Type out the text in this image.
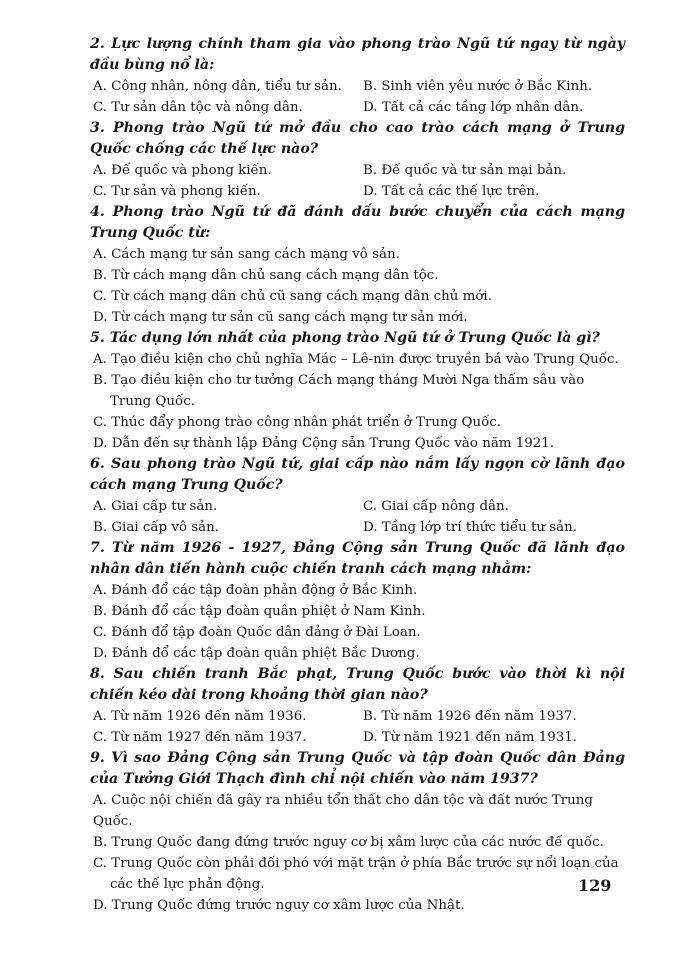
2. Lực lượng chính tham gia vào phong trào Ngũ tứ ngay từ ngày đầu bùng nổ là:

A. Công nhân, nông dân, tiểu tư sản.	B. Sinh viên yêu nước ở Bắc Kinh.

C. Tư sản dân tộc và nông dân.	D. Tất cả các tầng lớp nhân dân.

3. Phong trào Ngũ tứ mở đầu cho cao trào cách mạng ở Trung Quốc chống các thế lực nào?

A. Đế quốc và phong kiến.	B. Đế quốc và tư sản mại bản.

C. Tư sản và phong kiến.	D. Tất cả các thế lực trên.

4. Phong trào Ngũ tứ đã đánh dấu bước chuyển của cách mạng Trung Quốc từ:

A. Cách mạng tư sản sang cách mạng vô sản.

B. Từ cách mạng dân chủ sang cách mạng dân tộc.

C. Từ cách mạng dân chủ cũ sang cách mạng dân chủ mới.

D. Từ cách mạng tư sản cũ sang cách mạng tư sản mới.

5. Tác dụng lớn nhất của phong trào Ngũ tứ ở Trung Quốc là gì?

A. Tạo điều kiện cho chủ nghĩa Mác – Lê-nin được truyền bá vào Trung Quốc.

B. Tạo điều kiện cho tư tưởng Cách mạng tháng Mười Nga thấm sâu vào Trung Quốc.

C. Thúc đẩy phong trào công nhân phát triển ở Trung Quốc.

D. Dẫn đến sự thành lập Đảng Cộng sản Trung Quốc vào năm 1921.

6. Sau phong trào Ngũ tứ, giai cấp nào nắm lấy ngọn cờ lãnh đạo cách mạng Trung Quốc?

A. Giai cấp tư sản.	C. Giai cấp nông dân.

B. Giai cấp vô sản.	D. Tầng lớp trí thức tiểu tư sản.

7. Từ năm 1926 - 1927, Đảng Cộng sản Trung Quốc đã lãnh đạo nhân dân tiến hành cuộc chiến tranh cách mạng nhằm:

A. Đánh đổ các tập đoàn phản động ở Bắc Kinh.

B. Đánh đổ các tập đoàn quân phiệt ở Nam Kinh.

C. Đánh đổ tập đoàn Quốc dân đảng ở Đài Loan.

D. Đánh đổ các tập đoàn quân phiệt Bắc Dương.

8. Sau chiến tranh Bắc phạt, Trung Quốc bước vào thời kì nội chiến kéo dài trong khoảng thời gian nào?

A. Từ năm 1926 đến năm 1936.	B. Từ năm 1926 đến năm 1937.

C. Từ năm 1927 đến năm 1937.	D. Từ năm 1921 đến năm 1931.

9. Vì sao Đảng Cộng sản Trung Quốc và tập đoàn Quốc dân Đảng của Tưởng Giới Thạch đình chỉ nội chiến vào năm 1937?

A. Cuộc nội chiến đã gây ra nhiều tổn thất cho dân tộc và đất nước Trung Quốc.

B. Trung Quốc đang đứng trước nguy cơ bị xâm lược của các nước đế quốc.

C. Trung Quốc còn phải đối phó với mặt trận ở phía Bắc trước sự nổi loạn của các thế lực phản động.

D. Trung Quốc đứng trước nguy cơ xâm lược của Nhật.

129
